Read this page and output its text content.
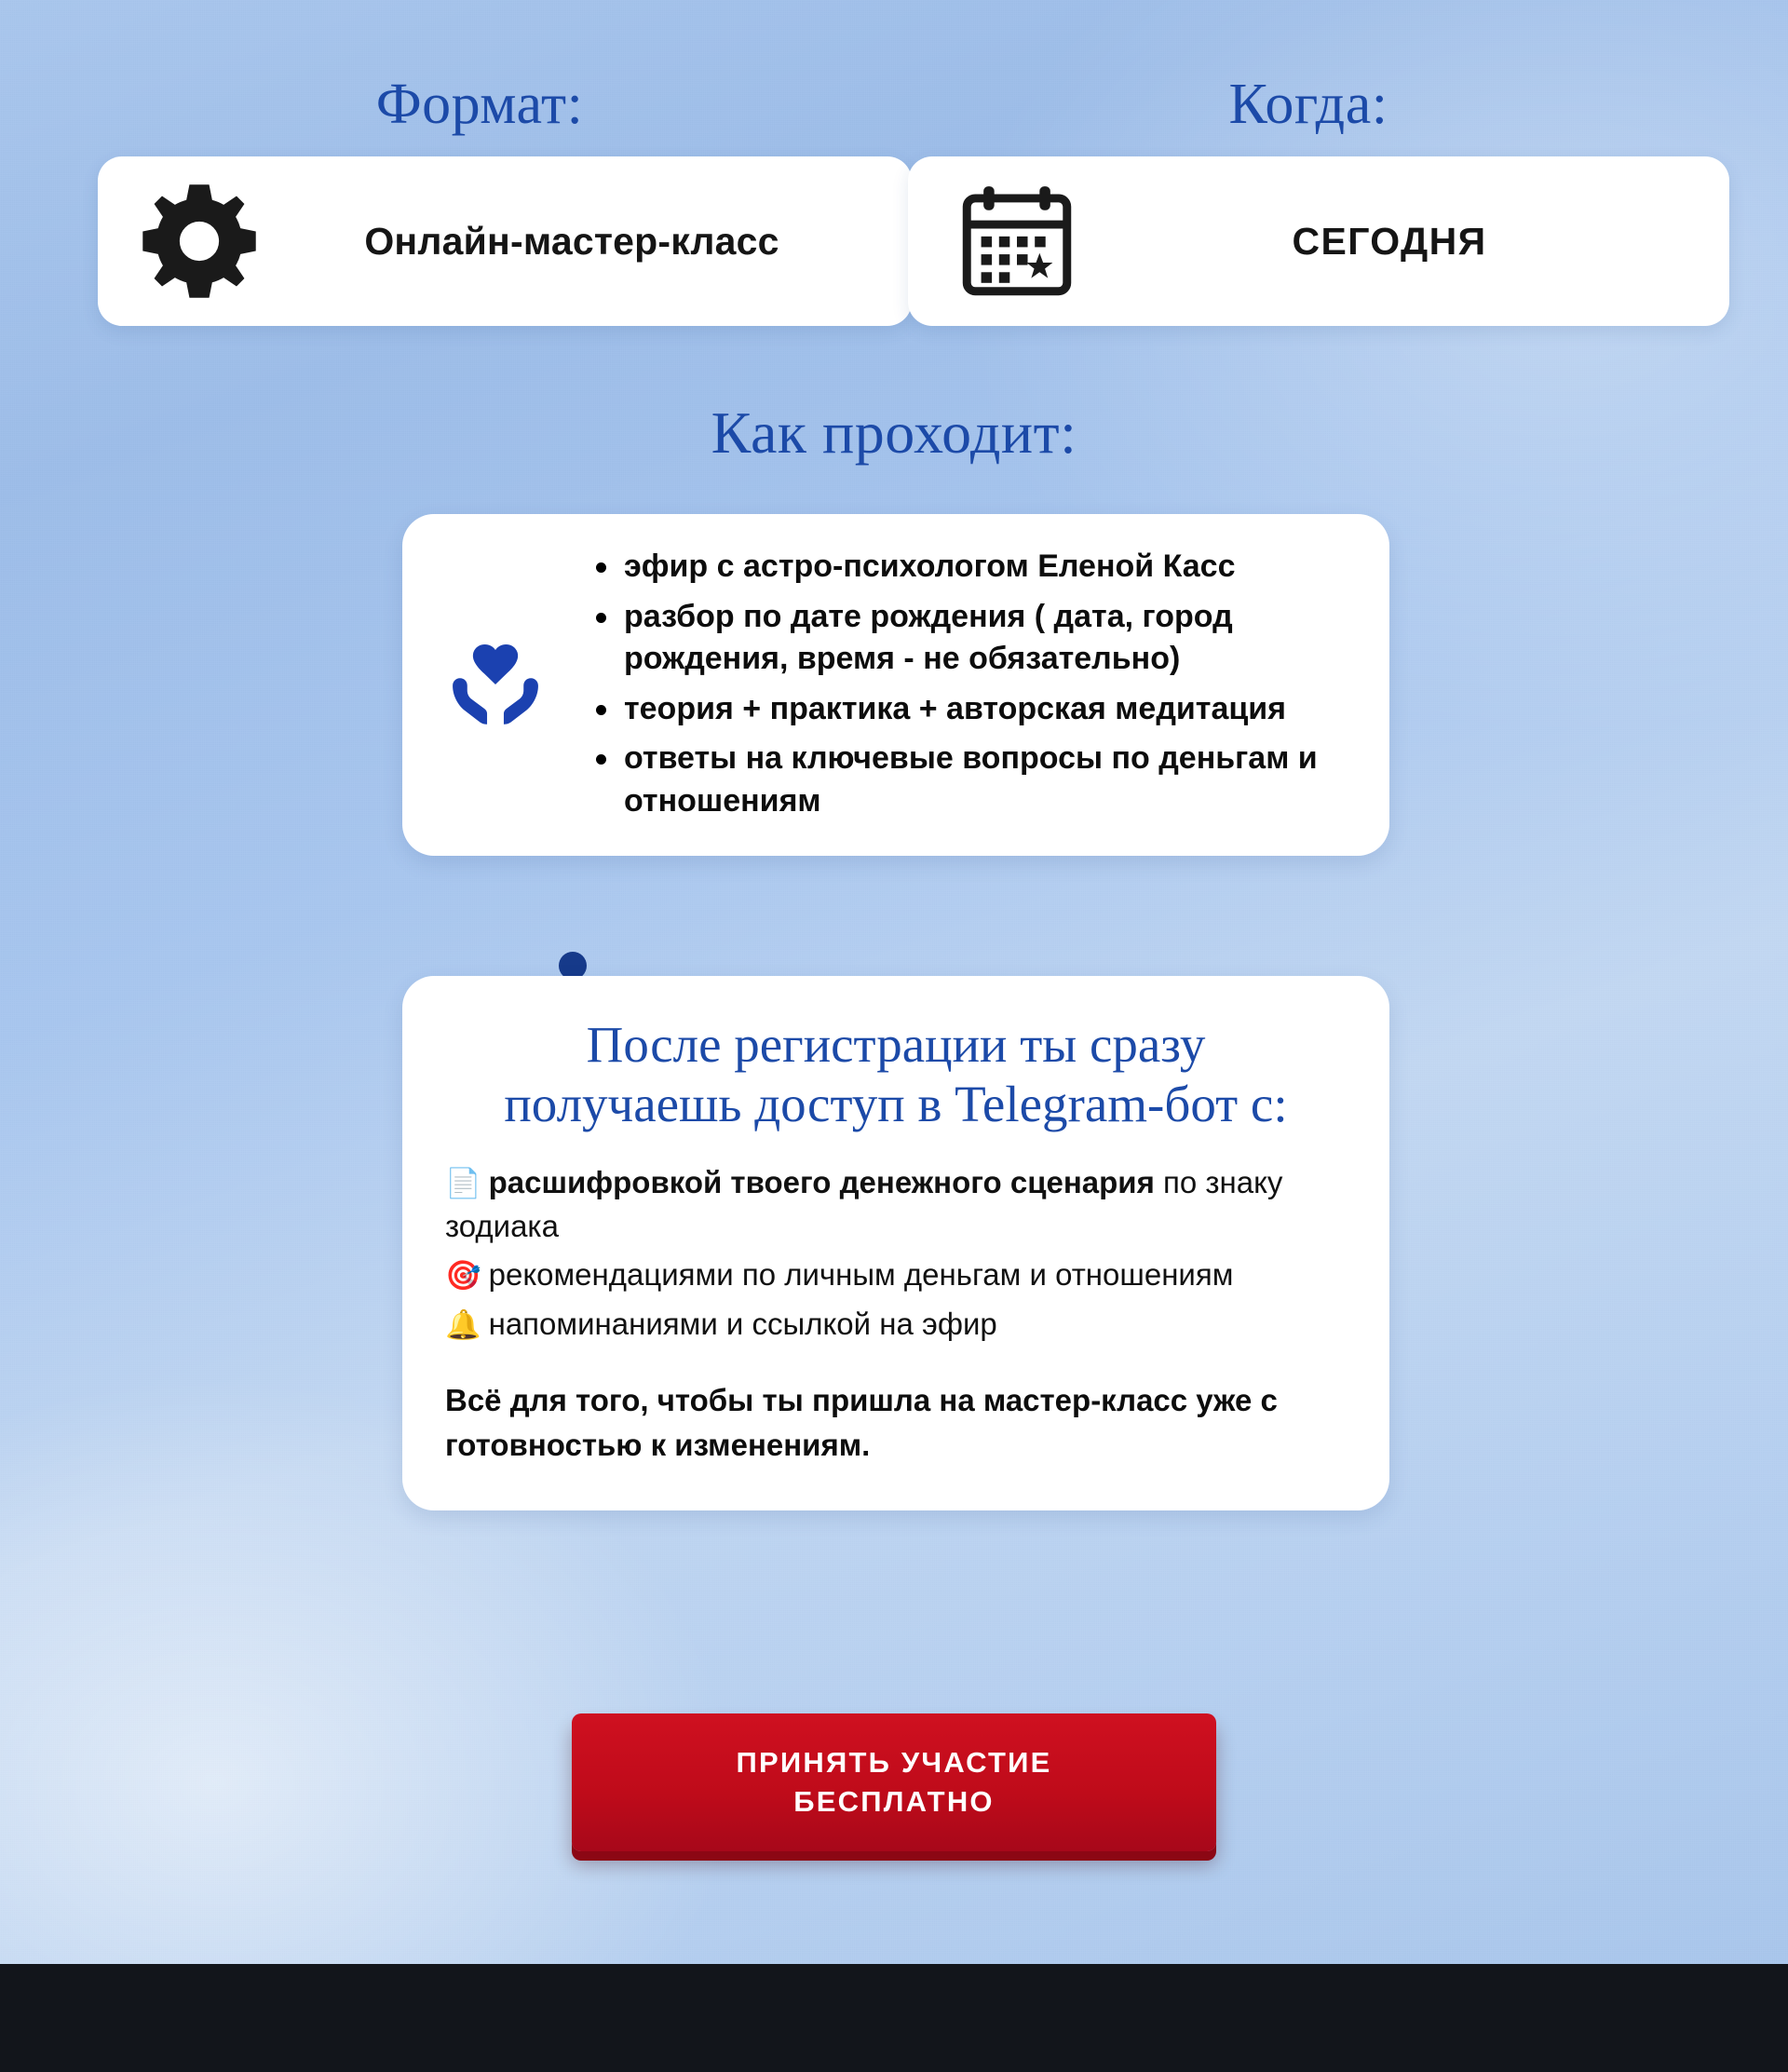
Формат:
Онлайн-мастер-класс
Когда:
СЕГОДНЯ
Как проходит:
эфир с астро-психологом Еленой Касс
разбор по дате рождения ( дата, город рождения, время - не обязательно)
теория + практика + авторская медитация
ответы на ключевые вопросы по деньгам и отношениям
После регистрации ты сразу получаешь доступ в Telegram-бот с:

📄 расшифровкой твоего денежного сценария по знаку зодиака

🎯 рекомендациями по личным деньгам и отношениям

🔔 напоминаниями и ссылкой на эфир

Всё для того, чтобы ты пришла на мастер-класс уже с готовностью к изменениям.
ПРИНЯТЬ УЧАСТИЕ
БЕСПЛАТНО
